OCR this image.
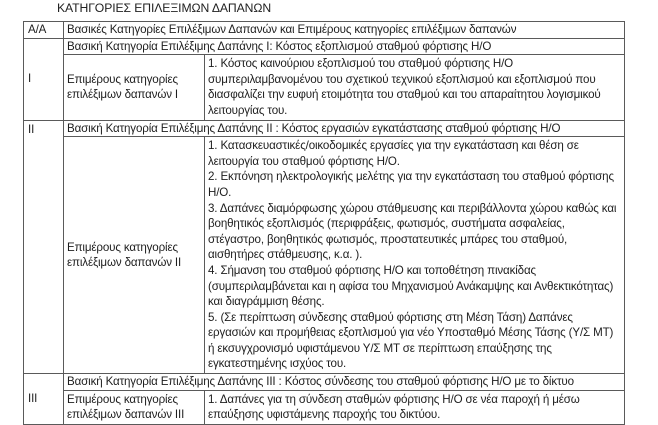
ΚΑΤΗΓΟΡΙΕΣ ΕΠΙΛΕΞΙΜΩΝ ΔΑΠΑΝΩΝ
Α/Α	Βασικές Κατηγορίες Επιλέξιμων Δαπανών και Επιμέρους κατηγορίες επιλέξιμων δαπανών	
Ι	Βασική Κατηγορία Επιλέξιμης Δαπάνης Ι: Κόστος εξοπλισμού σταθμού φόρτισης Η/Ο	
	Επιμέρους κατηγορίες επιλέξιμων δαπανών Ι	1. Κόστος καινούριου εξοπλισμού του σταθμού φόρτισης Η/Ο συμπεριλαμβανομένου του σχετικού τεχνικού εξοπλισμού και εξοπλισμού που διασφαλίζει την ευφυή ετοιμότητα του σταθμού και του απαραίτητου λογισμικού λειτουργίας του.

ΙΙ	Βασική Κατηγορία Επιλέξιμης Δαπάνης ΙΙ : Κόστος εργασιών εγκατάστασης σταθμού φόρτισης Η/Ο	
	Επιμέρους κατηγορίες επιλέξιμων δαπανών ΙΙ	1. Κατασκευαστικές/οικοδομικές εργασίες για την εγκατάσταση και θέση σε λειτουργία του σταθμού φόρτισης Η/Ο.
2. Εκπόνηση ηλεκτρολογικής μελέτης για την εγκατάσταση του σταθμού φόρτισης Η/Ο.
3. Δαπάνες διαμόρφωσης χώρου στάθμευσης και περιβάλλοντα χώρου καθώς και βοηθητικός εξοπλισμός (περιφράξεις, φωτισμός, συστήματα ασφαλείας, στέγαστρο, βοηθητικός φωτισμός, προστατευτικές μπάρες του σταθμού, αισθητήρες στάθμευσης, κ.α. ).
4. Σήμανση του σταθμού φόρτισης Η/Ο και τοποθέτηση πινακίδας (συμπεριλαμβάνεται και η αφίσα του Μηχανισμού Ανάκαμψης και Ανθεκτικότητας) και διαγράμμιση θέσης.
5. (Σε περίπτωση σύνδεσης σταθμού φόρτισης στη Μέση Τάση) Δαπάνες εργασιών και προμήθειας εξοπλισμού για νέο Υποσταθμό Μέσης Τάσης (Υ/Σ ΜΤ) ή εκσυγχρονισμό υφιστάμενου Υ/Σ ΜΤ σε περίπτωση επαύξησης της εγκατεστημένης ισχύος του.

ΙΙΙ	Βασική Κατηγορία Επιλέξιμης Δαπάνης ΙΙΙ : Κόστος σύνδεσης του σταθμού φόρτισης Η/Ο με το δίκτυο	
	Επιμέρους κατηγορίες επιλέξιμων δαπανών ΙΙΙ	1. Δαπάνες για τη σύνδεση σταθμών φόρτισης Η/Ο σε νέα παροχή ή μέσω επαύξησης υφιστάμενης παροχής του δικτύου.
